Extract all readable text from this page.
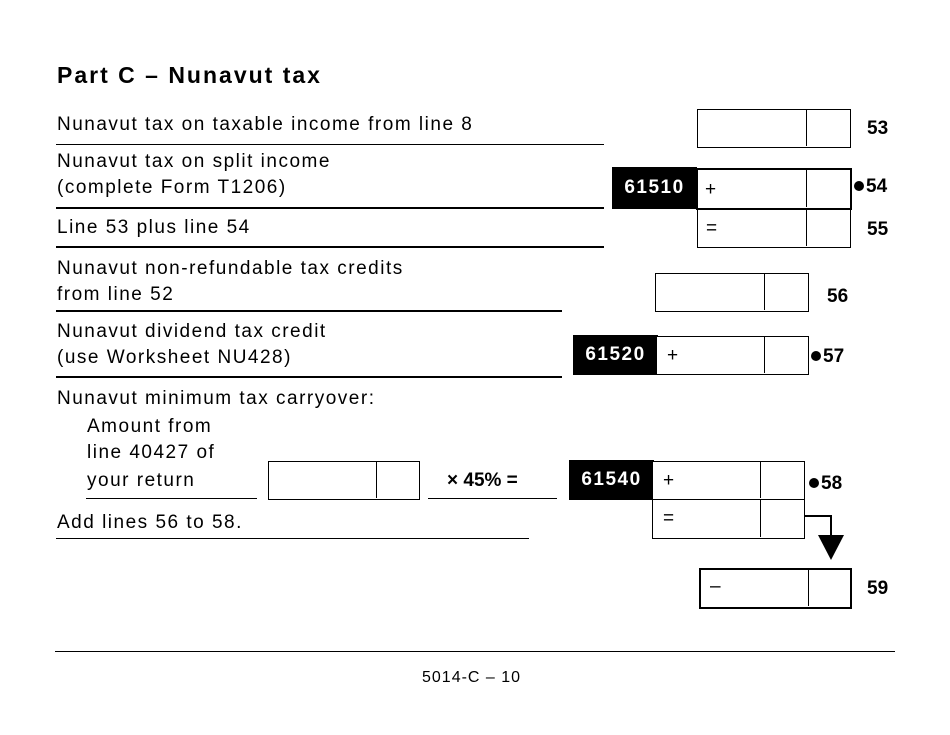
Part C – Nunavut tax
Nunavut tax on taxable income from line 8	53
Nunavut tax on split income
(complete Form T1206)	61510	+	54
Line 53 plus line 54	=	55
Nunavut non-refundable tax credits
from line 52	56
Nunavut dividend tax credit
(use Worksheet NU428)	61520	+	57
Nunavut minimum tax carryover:
Amount from
line 40427 of
your return	× 45% =	61540	+	58
Add lines 56 to 58.	=
–	59
5014-C – 10
